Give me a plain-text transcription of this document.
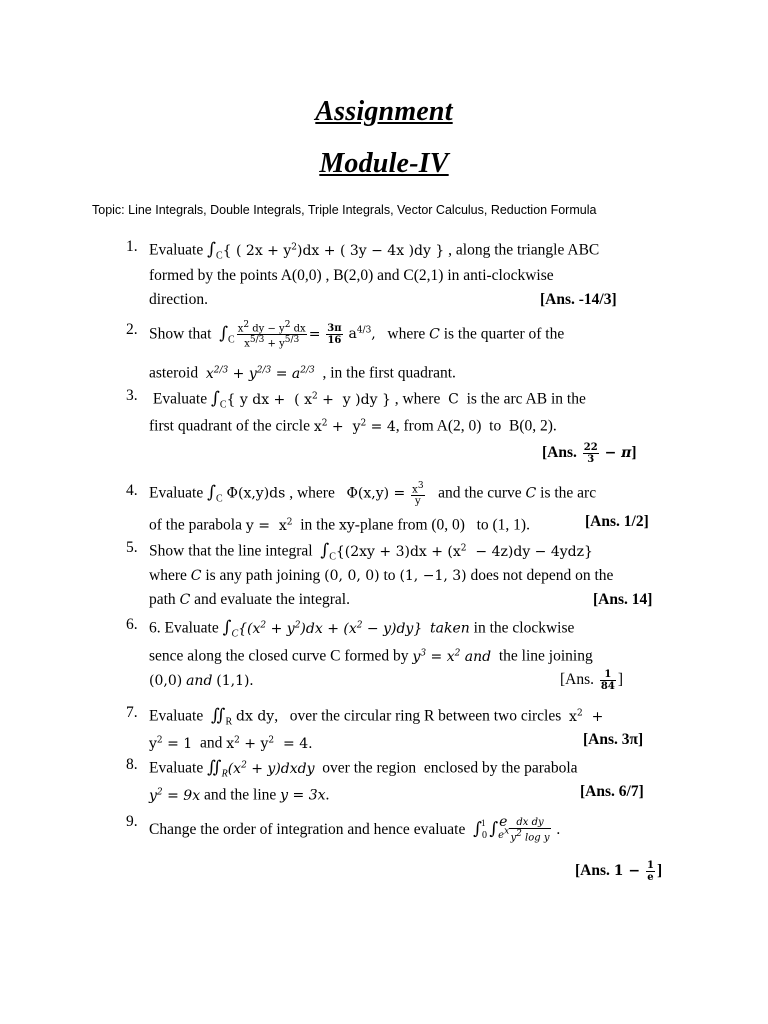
Assignment
Module-IV
Topic: Line Integrals, Double Integrals, Triple Integrals, Vector Calculus, Reduction Formula
1. Evaluate $\int_C${ ( $2x + y^2)dx$ + ( 3y − 4x )dy } , along the triangle ABC
formed by the points A(0,0) , B(2,0) and C(2,1) in anti-clockwise
direction.	[Ans. -14/3]
2. Show that  $\int_C \frac{x^2 dy - y^2 dx}{x^{5/3} + y^{5/3}} = \frac{3\pi}{16} a^{4/3}$,   where C is the quarter of the
asteroid  $x^{2/3} + y^{2/3} = a^{2/3}$  , in the first quadrant.
3. Evaluate $\int_C${ y dx +  ( $x^2 + y$ )dy } , where  C  is the arc AB in the
first quadrant of the circle $x^2 + y^2 = 4$, from A(2, 0)  to  B(0, 2).
[Ans. $\frac{22}{3} - \pi$]
4. Evaluate $\int_C$ Φ(x,y)ds , where   $\Phi(x,y) = \frac{x^3}{y}$ and the curve C is the arc
of the parabola $y = x^2$  in the xy-plane from (0, 0)   to (1, 1).	[Ans. 1/2]
5. Show that the line integral  $\int_C\{(2xy + 3)dx + (x^2 - 4z)dy - 4ydz\}$
where C is any path joining (0, 0, 0) to (1, −1, 3) does not depend on the
path C and evaluate the integral.	[Ans. 14]
6. 6. Evaluate $\int_C\{(x^2 + y^2)dx + (x^2 - y)dy\}$ taken in the clockwise
sence along the closed curve C formed by $y^3 = x^2$ and  the line joining
(0,0) and (1,1).	[Ans. $\frac{1}{84}$ ]
7. Evaluate  $∬_R$ dx dy,   over the circular ring R between two circles  $x^2$  +
$y^2 = 1$  and $x^2 + y^2 = 4$.	[Ans. 3π]
8. Evaluate $∬_R(x^2$ + y)dxdy  over the region  enclosed by the parabola
$y^2 = 9x$ and the line y = 3x.	[Ans. 6/7]
9. Change the order of integration and hence evaluate  $\int_0^1$ $\int_{e^x}^e \frac{\text{dx dy}}{y^2 \log y}$ .
[Ans. $1 - \frac{1}{e}$ ]
